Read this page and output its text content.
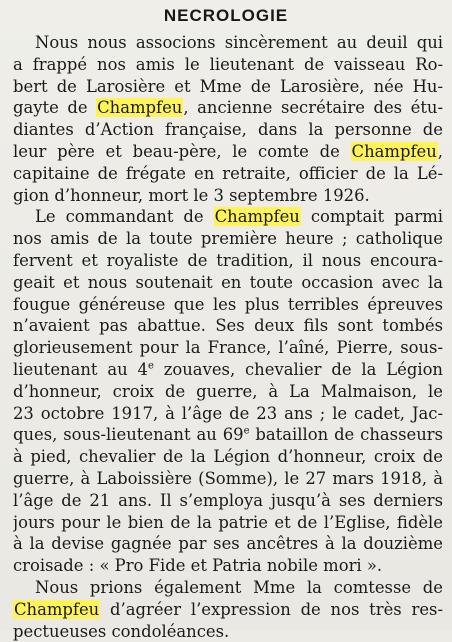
NECROLOGIE
Nous nous associons sincèrement au deuil qui
a frappé nos amis le lieutenant de vaisseau Ro-
bert de Larosière et Mme de Larosière, née Hu-
gayte de Champfeu, ancienne secrétaire des étu-
diantes d’Action française, dans la personne de
leur père et beau-père, le comte de Champfeu,
capitaine de frégate en retraite, officier de la Lé-
gion d’honneur, mort le 3 septembre 1926.
Le commandant de Champfeu comptait parmi
nos amis de la toute première heure ; catholique
fervent et royaliste de tradition, il nous encoura-
geait et nous soutenait en toute occasion avec la
fougue généreuse que les plus terribles épreuves
n’avaient pas abattue. Ses deux fils sont tombés
glorieusement pour la France, l’aîné, Pierre, sous-
lieutenant au 4e zouaves, chevalier de la Légion
d’honneur, croix de guerre, à La Malmaison, le
23 octobre 1917, à l’âge de 23 ans ; le cadet, Jac-
ques, sous-lieutenant au 69e bataillon de chasseurs
à pied, chevalier de la Légion d’honneur, croix de
guerre, à Laboissière (Somme), le 27 mars 1918, à
l’âge de 21 ans. Il s’employa jusqu’à ses derniers
jours pour le bien de la patrie et de l’Eglise, fidèle
à la devise gagnée par ses ancêtres à la douzième
croisade : « Pro Fide et Patria nobile mori ».
Nous prions également Mme la comtesse de
Champfeu d’agréer l’expression de nos très res-
pectueuses condoléances.
